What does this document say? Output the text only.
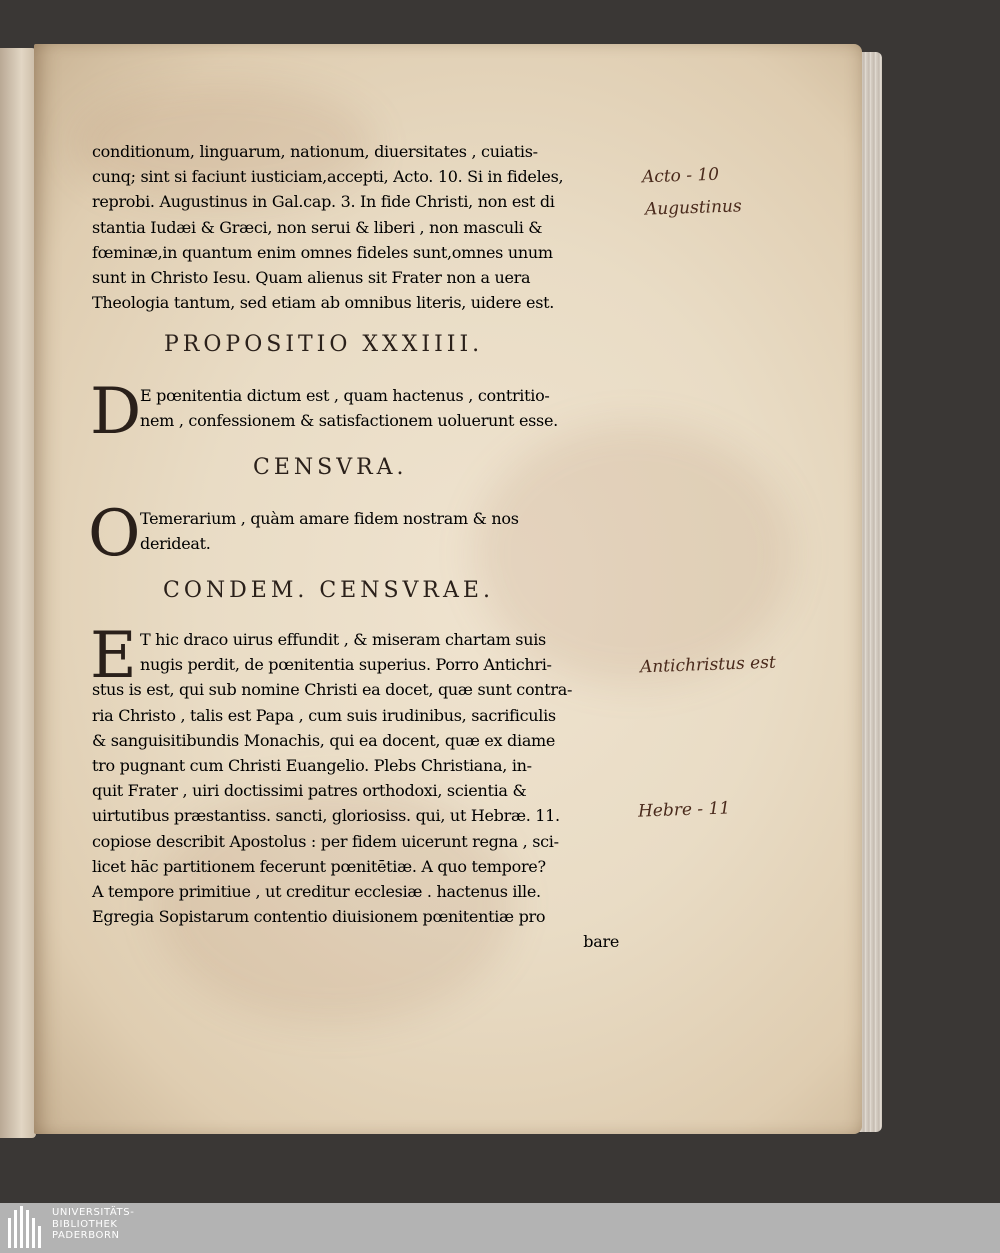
conditionum, linguarum, nationum, diuersitates , cuiatis-
cunq; sint si faciunt iusticiam,accepti, Acto. 10. Si in fideles,
reprobi. Augustinus in Gal.cap. 3. In fide Christi, non est di
stantia Iudæi & Græci, non serui & liberi , non masculi &
fœminæ,in quantum enim omnes fideles sunt,omnes unum
sunt in Christo Iesu. Quam alienus sit Frater non a uera
Theologia tantum, sed etiam ab omnibus literis, uidere est.
PROPOSITIO XXXIIII.
D
E pœnitentia dictum est , quam hactenus , contritio-
nem , confessionem & satisfactionem uoluerunt esse.
CENSVRA.
O Temerarium , quàm amare fidem nostram & nos
derideat.
CONDEM. CENSVRAE.
E T hic draco uirus effundit , & miseram chartam suis
nugis perdit, de pœnitentia superius. Porro Antichri-
stus is est, qui sub nomine Christi ea docet, quæ sunt contra-
ria Christo , talis est Papa , cum suis irudinibus, sacrificulis
& sanguisitibundis Monachis, qui ea docent, quæ ex diame
tro pugnant cum Christi Euangelio. Plebs Christiana, in-
quit Frater , uiri doctissimi patres orthodoxi, scientia &
uirtutibus præstantiss. sancti, gloriosiss. qui, ut Hebræ. 11.
copiose describit Apostolus : per fidem uicerunt regna , sci-
licet hāc partitionem fecerunt pœnitētiæ. A quo tempore?
A tempore primitiue , ut creditur ecclesiæ . hactenus ille.
Egregia Sopistarum contentio diuisionem pœnitentiæ pro
bare
Acto - 10
Augustinus
Antichristus est
Hebre - 11
UNIVERSITÄTS-
BIBLIOTHEK
PADERBORN
